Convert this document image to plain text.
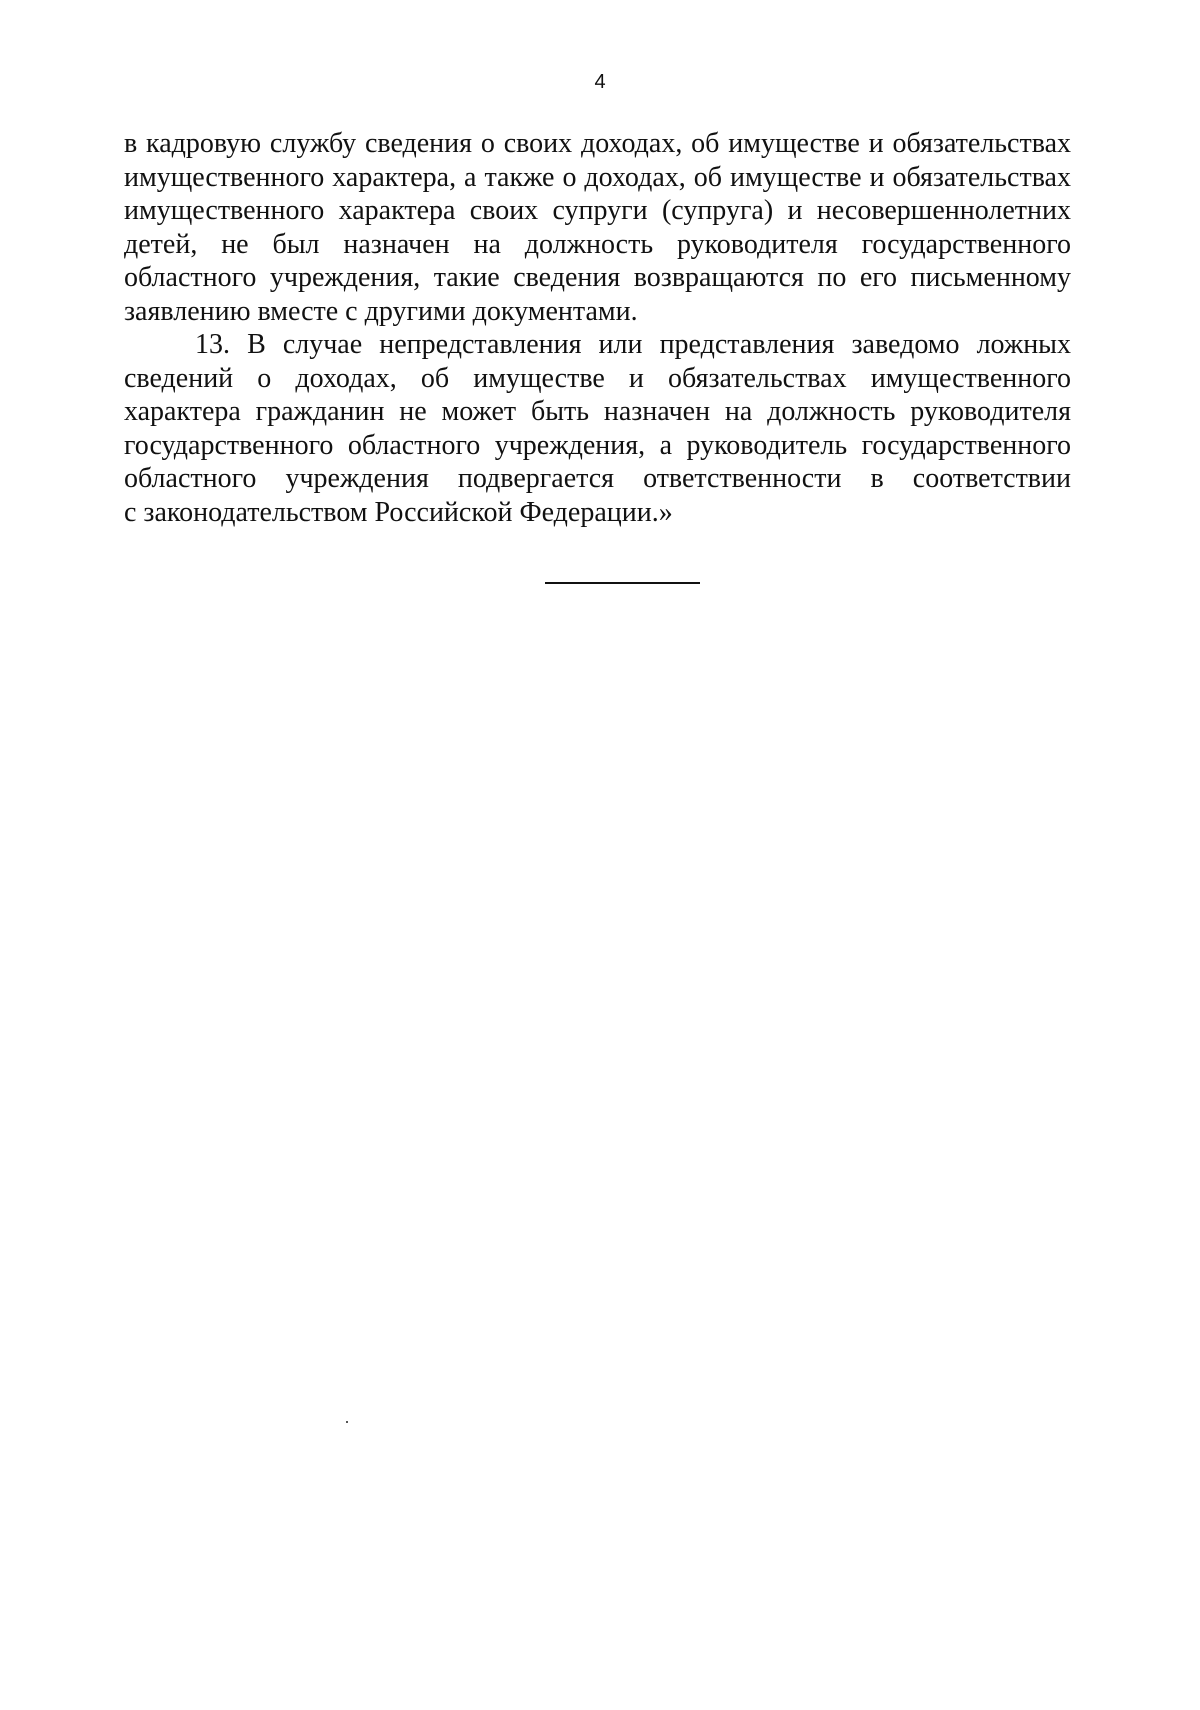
4

в кадровую службу сведения о своих доходах, об имуществе и обязательствах
имущественного характера, а также о доходах, об имуществе и обязательствах
имущественного характера своих супруги (супруга) и несовершеннолетних
детей, не был назначен на должность руководителя государственного
областного учреждения, такие сведения возвращаются по его письменному
заявлению вместе с другими документами.

13. В случае непредставления или представления заведомо ложных
сведений о доходах, об имуществе и обязательствах имущественного
характера гражданин не может быть назначен на должность руководителя
государственного областного учреждения, а руководитель государственного
областного учреждения подвергается ответственности в соответствии
с законодательством Российской Федерации.»
